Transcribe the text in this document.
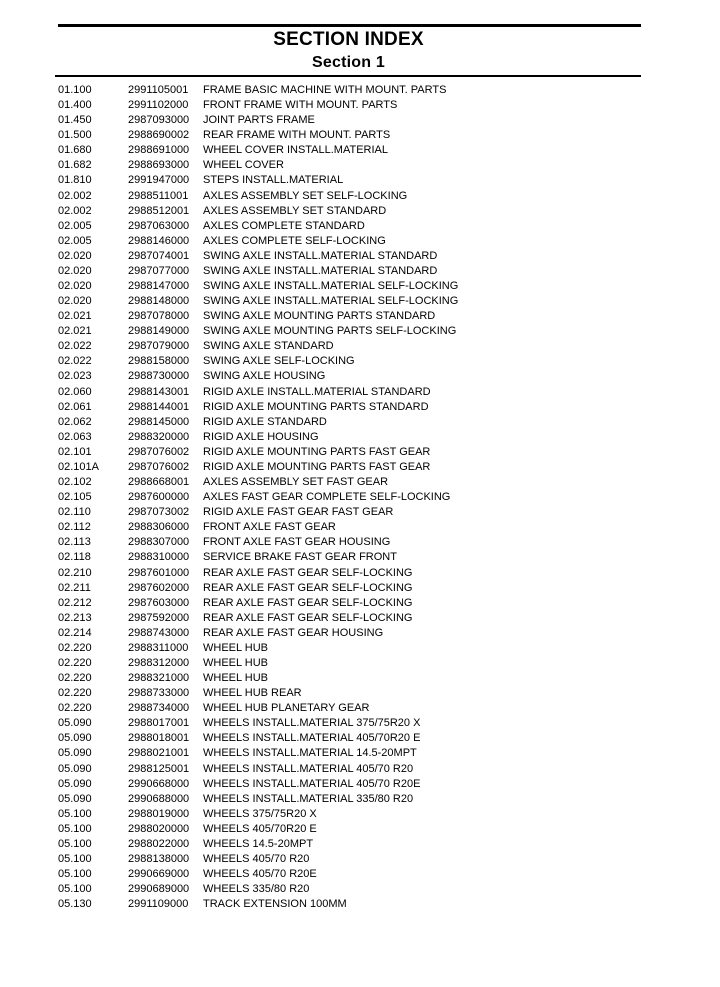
SECTION INDEX
Section 1
01.100	2991105001	FRAME BASIC MACHINE WITH MOUNT. PARTS
01.400	2991102000	FRONT FRAME WITH MOUNT. PARTS
01.450	2987093000	JOINT PARTS FRAME
01.500	2988690002	REAR FRAME WITH MOUNT. PARTS
01.680	2988691000	WHEEL COVER INSTALL.MATERIAL
01.682	2988693000	WHEEL COVER
01.810	2991947000	STEPS INSTALL.MATERIAL
02.002	2988511001	AXLES ASSEMBLY SET SELF-LOCKING
02.002	2988512001	AXLES ASSEMBLY SET STANDARD
02.005	2987063000	AXLES COMPLETE STANDARD
02.005	2988146000	AXLES COMPLETE SELF-LOCKING
02.020	2987074001	SWING AXLE INSTALL.MATERIAL STANDARD
02.020	2987077000	SWING AXLE INSTALL.MATERIAL STANDARD
02.020	2988147000	SWING AXLE INSTALL.MATERIAL SELF-LOCKING
02.020	2988148000	SWING AXLE INSTALL.MATERIAL SELF-LOCKING
02.021	2987078000	SWING AXLE MOUNTING PARTS STANDARD
02.021	2988149000	SWING AXLE MOUNTING PARTS SELF-LOCKING
02.022	2987079000	SWING AXLE STANDARD
02.022	2988158000	SWING AXLE SELF-LOCKING
02.023	2988730000	SWING AXLE HOUSING
02.060	2988143001	RIGID AXLE INSTALL.MATERIAL STANDARD
02.061	2988144001	RIGID AXLE MOUNTING PARTS STANDARD
02.062	2988145000	RIGID AXLE STANDARD
02.063	2988320000	RIGID AXLE HOUSING
02.101	2987076002	RIGID AXLE MOUNTING PARTS FAST GEAR
02.101A	2987076002	RIGID AXLE MOUNTING PARTS FAST GEAR
02.102	2988668001	AXLES ASSEMBLY SET FAST GEAR
02.105	2987600000	AXLES FAST GEAR COMPLETE SELF-LOCKING
02.110	2987073002	RIGID AXLE FAST GEAR FAST GEAR
02.112	2988306000	FRONT AXLE FAST GEAR
02.113	2988307000	FRONT AXLE FAST GEAR HOUSING
02.118	2988310000	SERVICE BRAKE FAST GEAR FRONT
02.210	2987601000	REAR AXLE FAST GEAR SELF-LOCKING
02.211	2987602000	REAR AXLE FAST GEAR SELF-LOCKING
02.212	2987603000	REAR AXLE FAST GEAR SELF-LOCKING
02.213	2987592000	REAR AXLE FAST GEAR SELF-LOCKING
02.214	2988743000	REAR AXLE FAST GEAR HOUSING
02.220	2988311000	WHEEL HUB
02.220	2988312000	WHEEL HUB
02.220	2988321000	WHEEL HUB
02.220	2988733000	WHEEL HUB REAR
02.220	2988734000	WHEEL HUB PLANETARY GEAR
05.090	2988017001	WHEELS INSTALL.MATERIAL 375/75R20 X
05.090	2988018001	WHEELS INSTALL.MATERIAL 405/70R20 E
05.090	2988021001	WHEELS INSTALL.MATERIAL 14.5-20MPT
05.090	2988125001	WHEELS INSTALL.MATERIAL 405/70 R20
05.090	2990668000	WHEELS INSTALL.MATERIAL 405/70 R20E
05.090	2990688000	WHEELS INSTALL.MATERIAL 335/80 R20
05.100	2988019000	WHEELS 375/75R20 X
05.100	2988020000	WHEELS 405/70R20 E
05.100	2988022000	WHEELS 14.5-20MPT
05.100	2988138000	WHEELS 405/70 R20
05.100	2990669000	WHEELS 405/70 R20E
05.100	2990689000	WHEELS 335/80 R20
05.130	2991109000	TRACK EXTENSION 100MM
